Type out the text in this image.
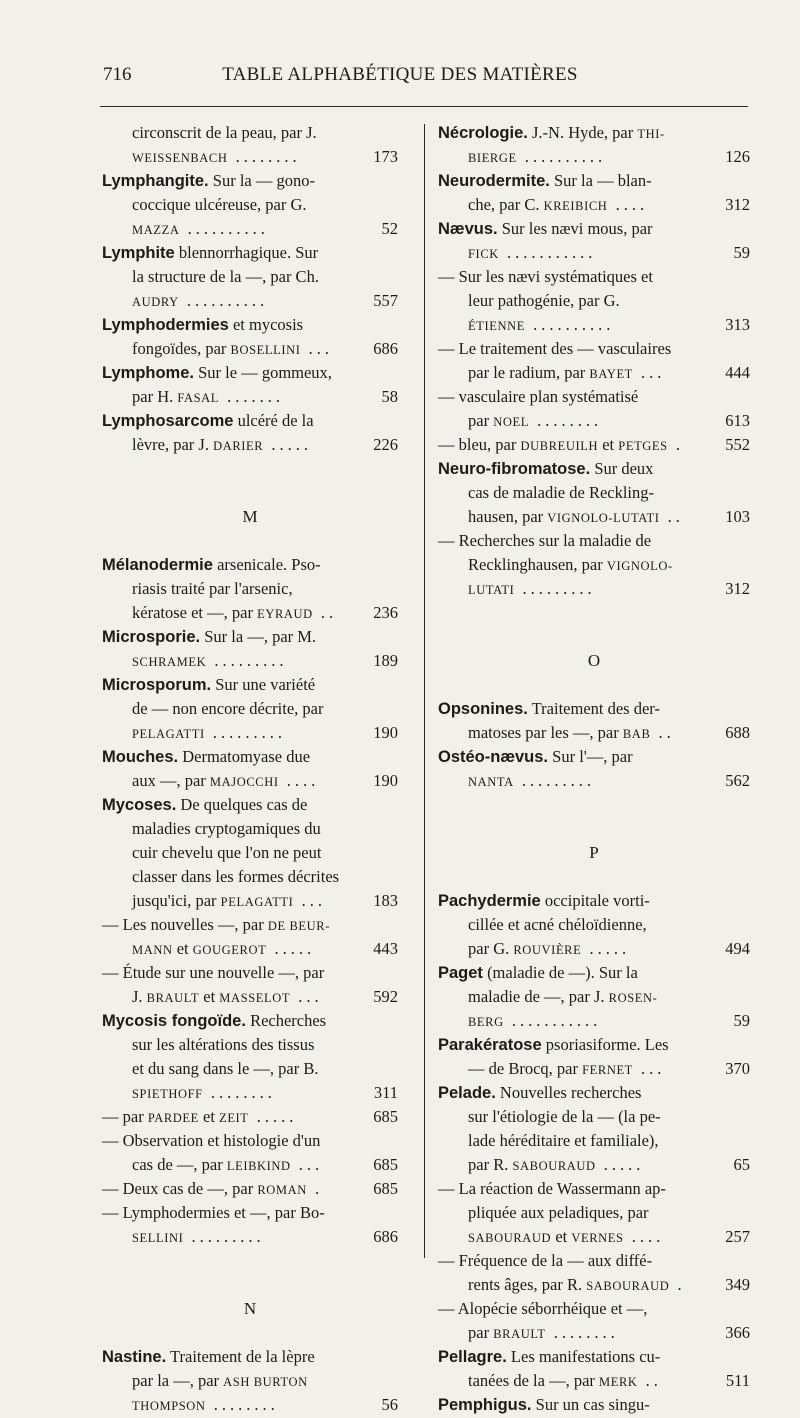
716	TABLE ALPHABÉTIQUE DES MATIÈRES
circonscrit de la peau, par J.
WEISSENBACH ........	173
Lymphangite. Sur la — gono-
coccique ulcéreuse, par G.
MAZZA ..........	52
Lymphite blennorrhagique. Sur
la structure de la —, par Ch.
AUDRY ..........	557
Lymphodermies et mycosis
fongoïdes, par BOSELLINI ... 686
Lymphome. Sur le — gommeux,
par H. FASAL .......	58
Lymphosarcome ulcéré de la
lèvre, par J. DARIER .....	226
M
Mélanodermie arsenicale. Pso-
riasis traité par l'arsenic,
kératose et —, par EYRAUD .. 236
Microsporie. Sur la —, par M.
SCHRAMEK .........	189
Microsporum. Sur une variété
de — non encore décrite, par
PELAGATTI .........	190
Mouches. Dermatomyase due
aux —, par MAJOCCHI ....	190
Mycoses. De quelques cas de
maladies cryptogamiques du
cuir chevelu que l'on ne peut
classer dans les formes décrites
jusqu'ici, par PELAGATTI ...	183
— Les nouvelles —, par DE BEUR-
MANN et GOUGEROT .....	443
— Étude sur une nouvelle —, par
J. BRAULT et MASSELOT ...	592
Mycosis fongoïde. Recherches
sur les altérations des tissus
et du sang dans le —, par B.
SPIETHOFF ........	311
— par PARDEE et ZEIT .....	685
— Observation et histologie d'un
cas de —, par LEIBKIND ...	685
— Deux cas de —, par ROMAN .	685
— Lymphodermies et —, par Bo-
SELLINI .........	686
N
Nastine. Traitement de la lèpre
par la —, par ASH BURTON
THOMPSON ........	56
Nécrologie. J.-N. Hyde, par THI-
BIERGE ..........	126
Neurodermite. Sur la — blan-
che, par C. KREIBICH ....	312
Nævus. Sur les nævi mous, par
FICK ...........	59
— Sur les nævi systématiques et
leur pathogénie, par G.
ÉTIENNE ..........	313
— Le traitement des — vasculaires
par le radium, par BAYET ...	444
— vasculaire plan systématisé
par NOEL ........	613
— bleu, par DUBREUILH et PETGES .	552
Neuro-fibromatose. Sur deux
cas de maladie de Reckling-
hausen, par VIGNOLO-LUTATI ..	103
— Recherches sur la maladie de
Recklinghausen, par VIGNOLO-
LUTATI .........	312
O
Opsonines. Traitement des der-
matoses par les —, par BAB ..	688
Ostéo-nævus. Sur l'—, par
NANTA .........	562
P
Pachydermie occipitale vorti-
cillée et acné chéloïdienne,
par G. ROUVIÈRE .....	494
Paget (maladie de —). Sur la
maladie de —, par J. ROSEN-
BERG ...........	59
Parakératose psoriasiforme. Les
— de Brocq, par FERNET ...	370
Pelade. Nouvelles recherches
sur l'étiologie de la — (la pe-
lade héréditaire et familiale),
par R. SABOURAUD .....	65
— La réaction de Wassermann ap-
pliquée aux peladiques, par
SABOURAUD et VERNES ....	257
— Fréquence de la — aux diffé-
rents âges, par R. SABOURAUD . 349
— Alopécie séborrhéique et —,
par BRAULT ........	366
Pellagre. Les manifestations cu-
tanées de la —, par MERK ..	511
Pemphigus. Sur un cas singu-
